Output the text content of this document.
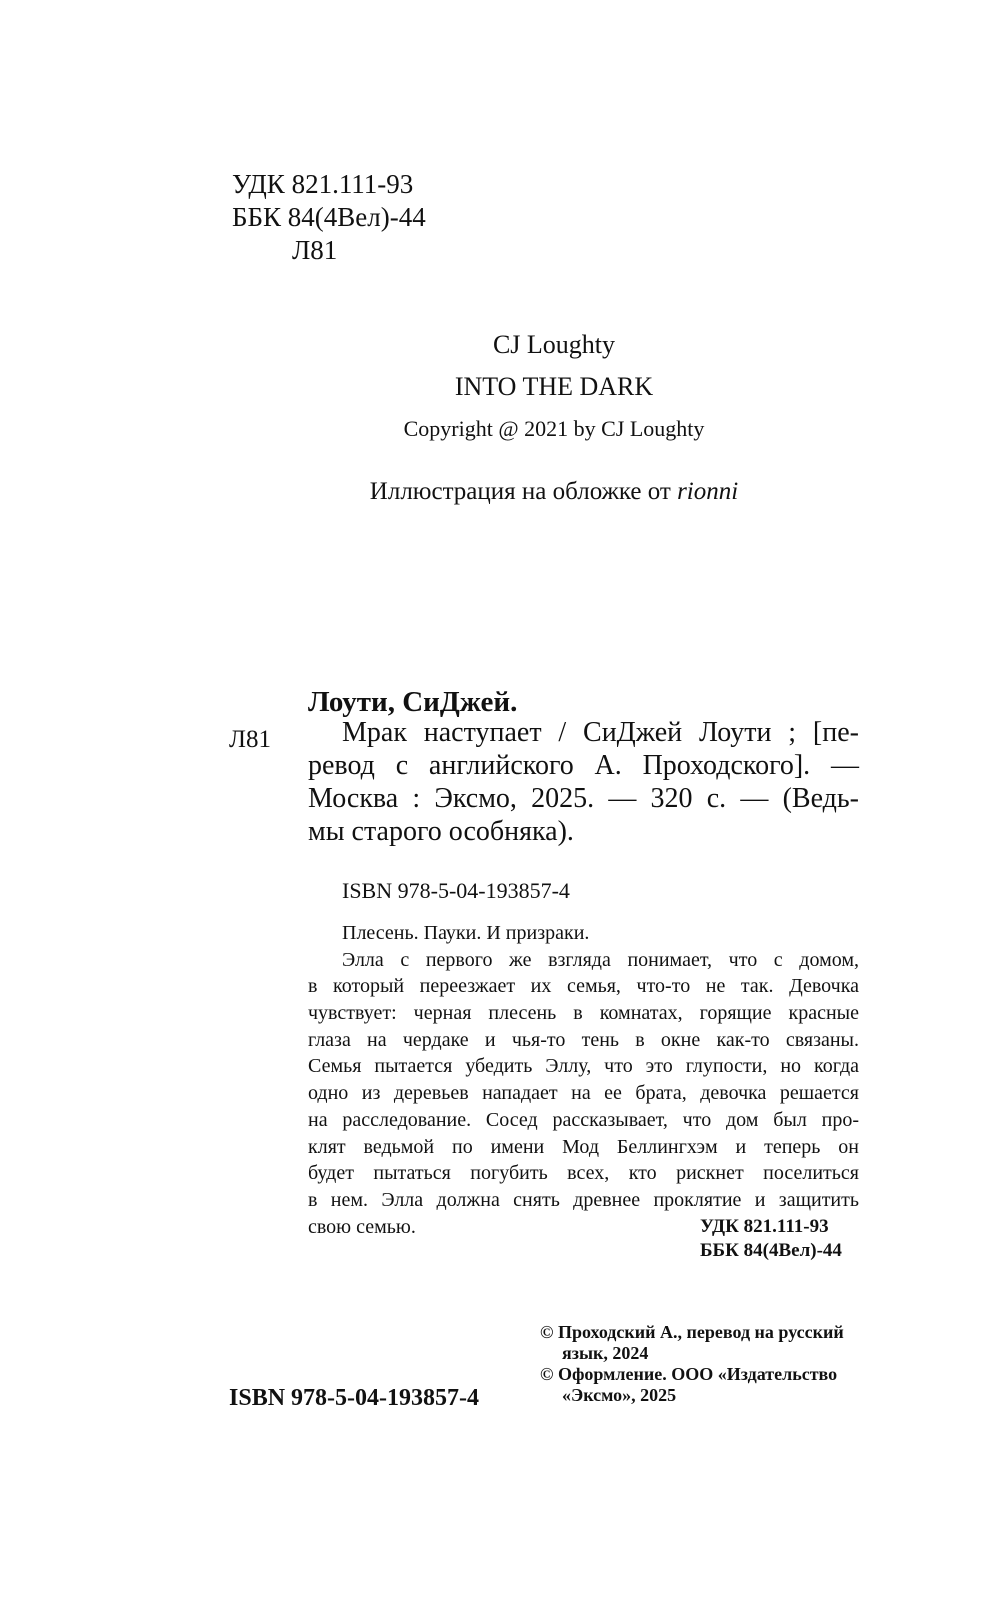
УДК 821.111-93
ББК 84(4Вел)-44
Л81
CJ Loughty
INTO THE DARK
Copyright @ 2021 by CJ Loughty
Иллюстрация на обложке от rionni
Лоути, СиДжей.
Л81	Мрак наступает / СиДжей Лоути ; [пе-
ревод с английского А. Проходского]. —
Москва : Эксмо, 2025. — 320 с. — (Ведь-
мы старого особняка).
ISBN 978-5-04-193857-4
Плесень. Пауки. И призраки.
Элла с первого же взгляда понимает, что с домом,
в который переезжает их семья, что-то не так. Девочка
чувствует: черная плесень в комнатах, горящие красные
глаза на чердаке и чья-то тень в окне как-то связаны.
Семья пытается убедить Эллу, что это глупости, но когда
одно из деревьев нападает на ее брата, девочка решается
на расследование. Сосед рассказывает, что дом был про-
клят ведьмой по имени Мод Беллингхэм и теперь он
будет пытаться погубить всех, кто рискнет поселиться
в нем. Элла должна снять древнее проклятие и защитить
свою семью.	УДК 821.111-93
ББК 84(4Вел)-44
© Проходский А., перевод на русский
язык, 2024
© Оформление. ООО «Издательство
«Эксмо», 2025
ISBN 978-5-04-193857-4
